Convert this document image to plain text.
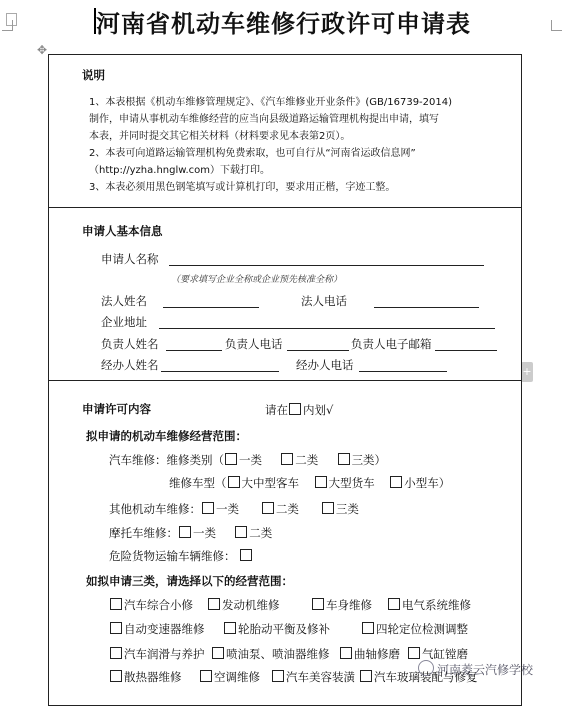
河南省机动车维修行政许可申请表
✥
+
说明
1、本表根据《机动车维修管理规定》、《汽车维修业开业条件》(GB/16739-2014)
制作，申请从事机动车维修经营的应当向县级道路运输管理机构提出申请，填写
本表，并同时提交其它相关材料（材料要求见本表第2页）。
2、本表可向道路运输管理机构免费索取，也可自行从“河南省运政信息网”
（http://yzha.hnglw.com）下载打印。
3、本表必须用黑色钢笔填写或计算机打印，要求用正楷，字迹工整。
申请人基本信息
申请人名称
（要求填写企业全称或企业预先核准全称）
法人姓名	法人电话
企业地址
负责人姓名	负责人电话	负责人电子邮箱
经办人姓名	经办人电话
申请许可内容	请在 内划√
拟申请的机动车维修经营范围：
汽车维修：维修类别（ 一类	二类	三类）
维修车型（ 大中型客车	大型货车	小型车）
其他机动车维修： 一类	二类	三类
摩托车维修： 一类	二类
危险货物运输车辆维修：
如拟申请三类，请选择以下的经营范围：
汽车综合小修	发动机维修	车身维修	电气系统维修
自动变速器维修	轮胎动平衡及修补	四轮定位检测调整
汽车润滑与养护	喷油泵、喷油器维修	曲轴修磨	气缸镗磨
散热器维修	空调维修	汽车美容装潢	汽车玻璃装配与修复
河南菱云汽修学校
